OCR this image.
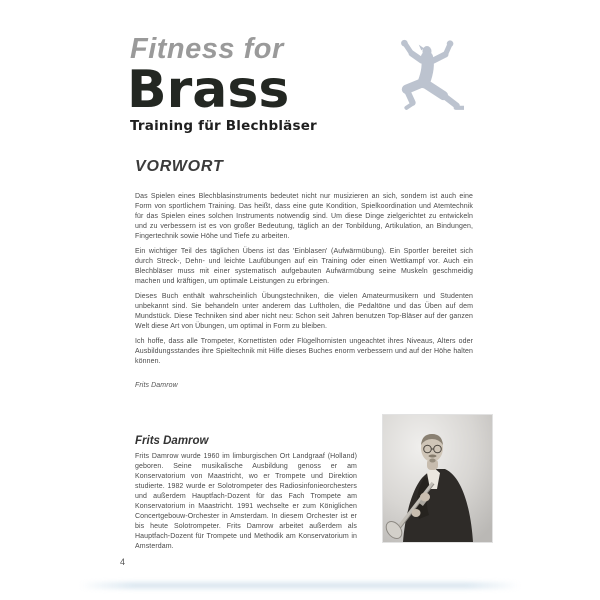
Fitness for
Brass
Training für Blechbläser
VORWORT

Das Spielen eines Blechblasinstruments bedeutet nicht nur musizieren an sich, sondern ist auch eine Form von sportlichem Training. Das heißt, dass eine gute Kondition, Spielkoordination und Atemtechnik für das Spielen eines solchen Instruments notwendig sind. Um diese Dinge zielgerichtet zu entwickeln und zu verbessern ist es von großer Bedeutung, täglich an der Tonbildung, Artikulation, an Bindungen, Fingertechnik sowie Höhe und Tiefe zu arbeiten.

Ein wichtiger Teil des täglichen Übens ist das 'Einblasen' (Aufwärmübung). Ein Sportler bereitet sich durch Streck-, Dehn- und leichte Laufübungen auf ein Training oder einen Wettkampf vor. Auch ein Blechbläser muss mit einer systematisch aufgebauten Aufwärmübung seine Muskeln geschmeidig machen und kräftigen, um optimale Leistungen zu erbringen.

Dieses Buch enthält wahrscheinlich Übungstechniken, die vielen Amateurmusikern und Studenten unbekannt sind. Sie behandeln unter anderem das Luftholen, die Pedaltöne und das Üben auf dem Mundstück. Diese Techniken sind aber nicht neu: Schon seit Jahren benutzen Top-Bläser auf der ganzen Welt diese Art von Übungen, um optimal in Form zu bleiben.

Ich hoffe, dass alle Trompeter, Kornettisten oder Flügelhornisten ungeachtet ihres Niveaus, Alters oder Ausbildungsstandes ihre Spieltechnik mit Hilfe dieses Buches enorm verbessern und auf der Höhe halten können.

Frits Damrow

Frits Damrow
Frits Damrow wurde 1960 im limburgischen Ort Landgraaf (Holland) geboren. Seine musikalische Ausbildung genoss er am Konservatorium von Maastricht, wo er Trompete und Direktion studierte. 1982 wurde er Solotrompeter des Radiosinfonieorchesters und außerdem Hauptfach-Dozent für das Fach Trompete am Konservatorium in Maastricht. 1991 wechselte er zum Königlichen Concertgebouw-Orchester in Amsterdam. In diesem Orchester ist er bis heute Solotrompeter. Frits Damrow arbeitet außerdem als Hauptfach-Dozent für Trompete und Methodik am Konservatorium in Amsterdam.
4
